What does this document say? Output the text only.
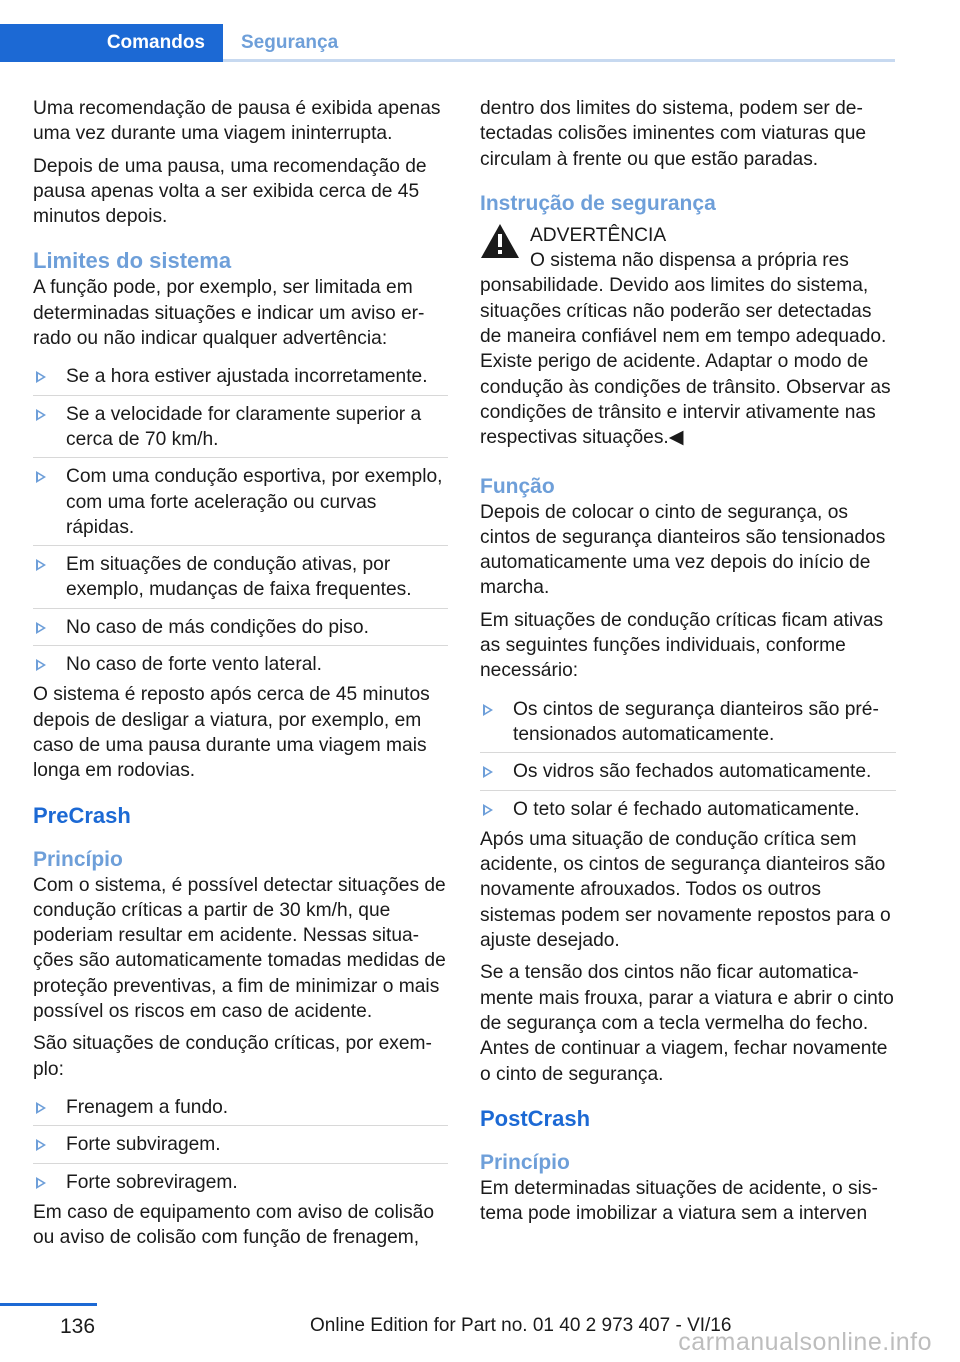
Comandos	Segurança

Uma recomendação de pausa é exibida apenas uma vez durante uma viagem ininterrupta.

Depois de uma pausa, uma recomendação de pausa apenas volta a ser exibida cerca de 45 minutos depois.

Limites do sistema

A função pode, por exemplo, ser limitada em determinadas situações e indicar um aviso errado ou não indicar qualquer advertência:

Se a hora estiver ajustada incorretamente.
Se a velocidade for claramente superior a cerca de 70 km/h.
Com uma condução esportiva, por exemplo, com uma forte aceleração ou curvas rápidas.
Em situações de condução ativas, por exemplo, mudanças de faixa frequentes.
No caso de más condições do piso.
No caso de forte vento lateral.

O sistema é reposto após cerca de 45 minutos depois de desligar a viatura, por exemplo, em caso de uma pausa durante uma viagem mais longa em rodovias.

PreCrash
Princípio

Com o sistema, é possível detectar situações de condução críticas a partir de 30 km/h, que poderiam resultar em acidente. Nessas situações são automaticamente tomadas medidas de proteção preventivas, a fim de minimizar o mais possível os riscos em caso de acidente.

São situações de condução críticas, por exemplo:

Frenagem a fundo.
Forte subviragem.
Forte sobreviragem.

Em caso de equipamento com aviso de colisão ou aviso de colisão com função de frenagem,

dentro dos limites do sistema, podem ser detectadas colisões iminentes com viaturas que circulam à frente ou que estão paradas.

Instrução de segurança
ADVERTÊNCIA
O sistema não dispensa a própria res
ponsabilidade. Devido aos limites do sistema, situações críticas não poderão ser detectadas de maneira confiável nem em tempo adequado. Existe perigo de acidente. Adaptar o modo de condução às condições de trânsito. Observar as condições de trânsito e intervir ativamente nas respectivas situações.◀
Função

Depois de colocar o cinto de segurança, os cintos de segurança dianteiros são tensionados automaticamente uma vez depois do início de marcha.

Em situações de condução críticas ficam ativas as seguintes funções individuais, conforme necessário:

Os cintos de segurança dianteiros são pré-tensionados automaticamente.
Os vidros são fechados automaticamente.
O teto solar é fechado automaticamente.

Após uma situação de condução crítica sem acidente, os cintos de segurança dianteiros são novamente afrouxados. Todos os outros sistemas podem ser novamente repostos para o ajuste desejado.

Se a tensão dos cintos não ficar automaticamente mais frouxa, parar a viatura e abrir o cinto de segurança com a tecla vermelha do fecho. Antes de continuar a viagem, fechar novamente o cinto de segurança.

PostCrash
Princípio

Em determinadas situações de acidente, o sistema pode imobilizar a viatura sem a interven

136	Online Edition for Part no. 01 40 2 973 407 - VI/16
carmanualsonline.info
